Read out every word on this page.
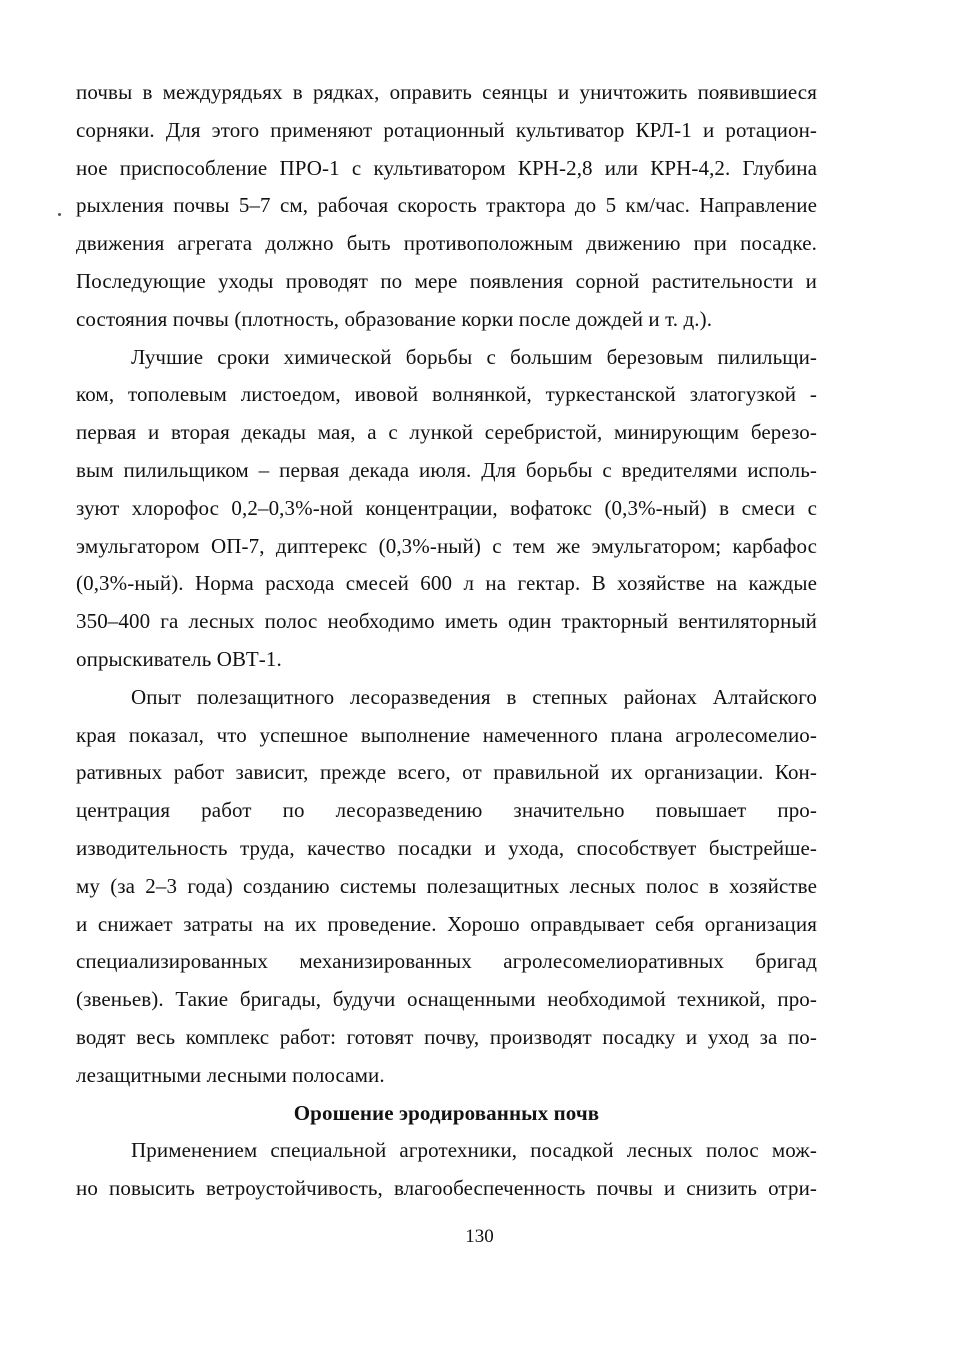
почвы в междурядьях в рядках, оправить сеянцы и уничтожить появившиеся
сорняки. Для этого применяют ротационный культиватор КРЛ-1 и ротацион-
ное приспособление ПРО-1 с культиватором КРН-2,8 или КРН-4,2. Глубина
рыхления почвы 5–7 см, рабочая скорость трактора до 5 км/час. Направление
движения агрегата должно быть противоположным движению при посадке.
Последующие уходы проводят по мере появления сорной растительности и
состояния почвы (плотность, образование корки после дождей и т. д.).
Лучшие сроки химической борьбы с большим березовым пилильщи-
ком, тополевым листоедом, ивовой волнянкой, туркестанской златогузкой -
первая и вторая декады мая, а с лункой серебристой, минирующим березо-
вым пилильщиком – первая декада июля. Для борьбы с вредителями исполь-
зуют хлорофос 0,2–0,3%-ной концентрации, вофатокс (0,3%-ный) в смеси с
эмульгатором ОП-7, диптерекс (0,3%-ный) с тем же эмульгатором; карбафос
(0,3%-ный). Норма расхода смесей 600 л на гектар. В хозяйстве на каждые
350–400 га лесных полос необходимо иметь один тракторный вентиляторный
опрыскиватель ОВТ-1.
Опыт полезащитного лесоразведения в степных районах Алтайского
края показал, что успешное выполнение намеченного плана агролесомелио-
ративных работ зависит, прежде всего, от правильной их организации. Кон-
центрация работ по лесоразведению значительно повышает про-
изводительность труда, качество посадки и ухода, способствует быстрейше-
му (за 2–3 года) созданию системы полезащитных лесных полос в хозяйстве
и снижает затраты на их проведение. Хорошо оправдывает себя организация
специализированных механизированных агролесомелиоративных бригад
(звеньев). Такие бригады, будучи оснащенными необходимой техникой, про-
водят весь комплекс работ: готовят почву, производят посадку и уход за по-
лезащитными лесными полосами.
Орошение эродированных почв
Применением специальной агротехники, посадкой лесных полос мож-
но повысить ветроустойчивость, влагообеспеченность почвы и снизить отри-
130
